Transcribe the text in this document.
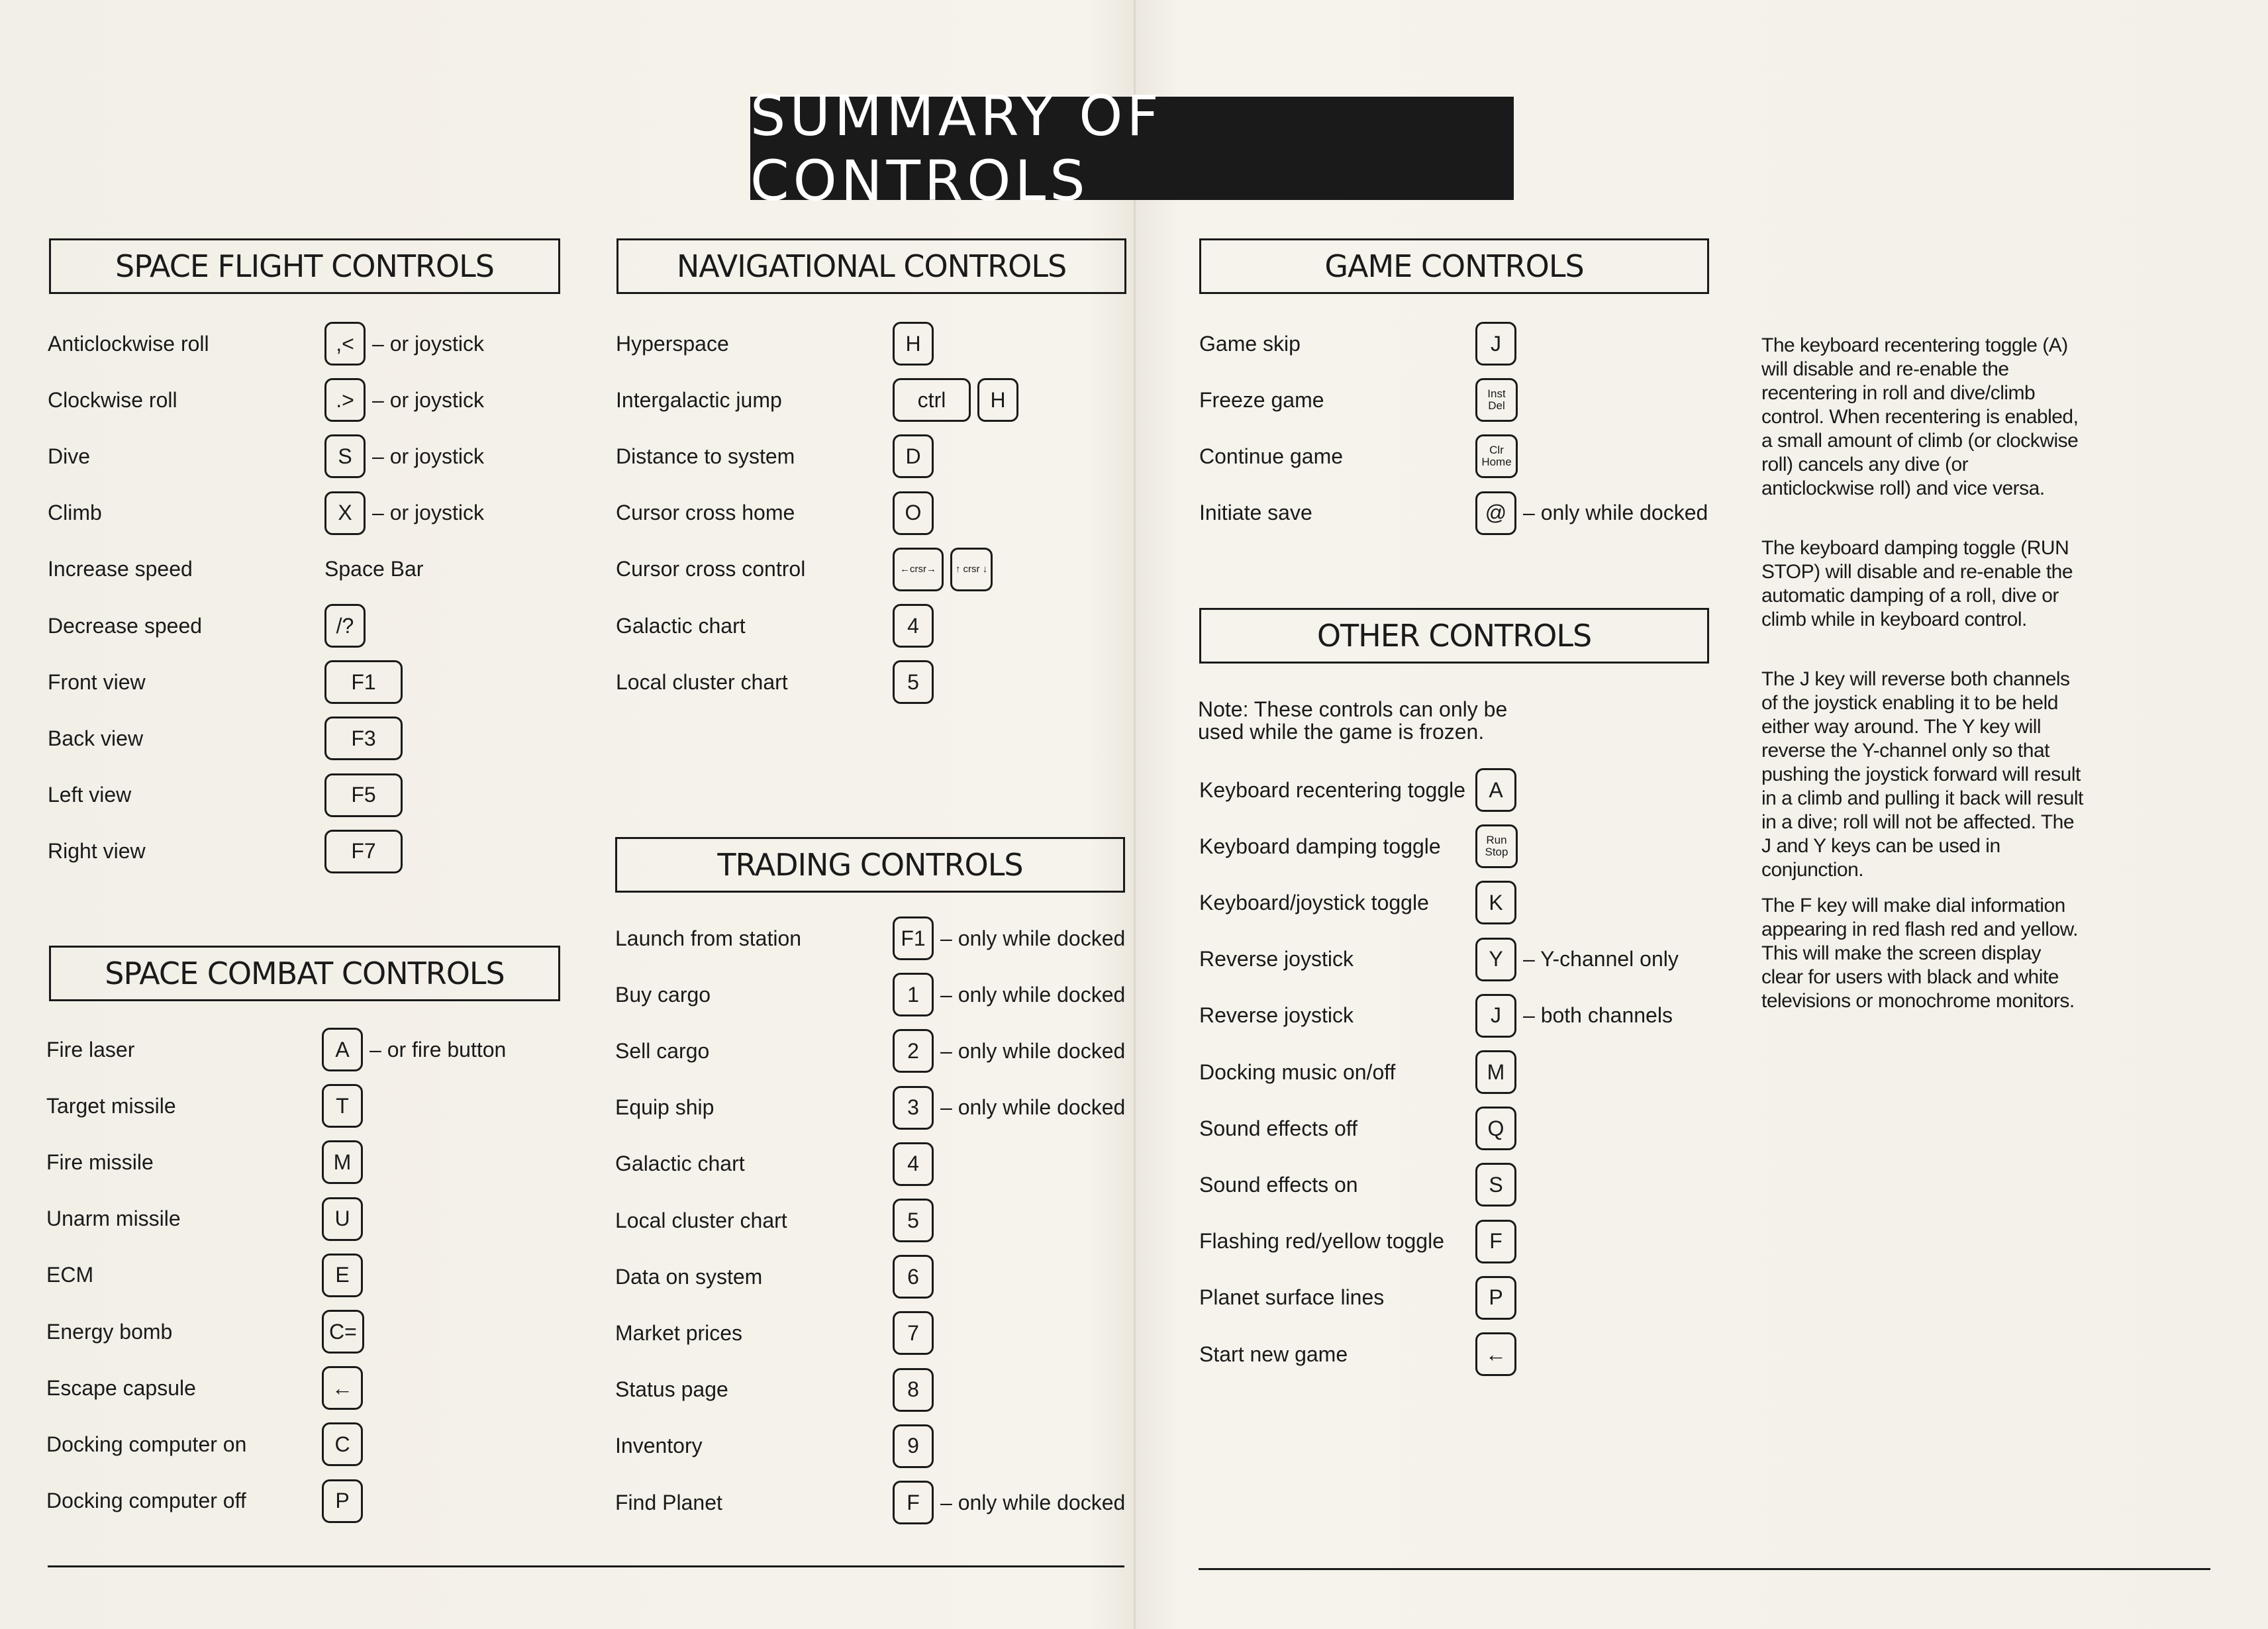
SUMMARY OF CONTROLS
SPACE FLIGHT CONTROLS
SPACE COMBAT CONTROLS
NAVIGATIONAL CONTROLS
TRADING CONTROLS
GAME CONTROLS
OTHER CONTROLS
Anticlockwise roll	,< – or joystick
Clockwise roll	.> – or joystick
Dive	S – or joystick
Climb	X – or joystick
Increase speed	Space Bar
Decrease speed	/?
Front view	F1
Back view	F3
Left view	F5
Right view	F7
Fire laser	A – or fire button
Target missile	T
Fire missile	M
Unarm missile	U
ECM	E
Energy bomb	C=
Escape capsule	←
Docking computer on	C
Docking computer off	P
Hyperspace	H
Intergalactic jump	ctrl	H
Distance to system	D
Cursor cross home	O
Cursor cross control	←crsr→	↑ crsr ↓
Galactic chart	4
Local cluster chart	5
Launch from station	F1 – only while docked
Buy cargo	1	– only while docked
Sell cargo	2	– only while docked
Equip ship	3	– only while docked
Galactic chart	4
Local cluster chart	5
Data on system	6
Market prices	7
Status page	8
Inventory	9
Find Planet	F – only while docked
Game skip	J
Freeze game	Inst Del
Continue game	Clr Home
Initiate save	@ – only while docked
Keyboard recentering toggle	A
Keyboard damping toggle	Run Stop
Keyboard/joystick toggle	K
Reverse joystick	Y – Y-channel only
Reverse joystick	J	– both channels
Docking music on/off	M
Sound effects off	Q
Sound effects on	S
Flashing red/yellow toggle	F
Planet surface lines	P
Start new game	←
Note: These controls can only be used while the game is frozen.
The keyboard recentering toggle (A) will disable and re-enable the recentering in roll and dive/climb control. When recentering is enabled, a small amount of climb (or clockwise roll) cancels any dive (or anticlockwise roll) and vice versa.
The keyboard damping toggle (RUN STOP) will disable and re-enable the automatic damping of a roll, dive or climb while in keyboard control.
The J key will reverse both channels of the joystick enabling it to be held either way around. The Y key will reverse the Y-channel only so that pushing the joystick forward will result in a climb and pulling it back will result in a dive; roll will not be affected. The J and Y keys can be used in conjunction.
The F key will make dial information appearing in red flash red and yellow. This will make the screen display clear for users with black and white televisions or monochrome monitors.
